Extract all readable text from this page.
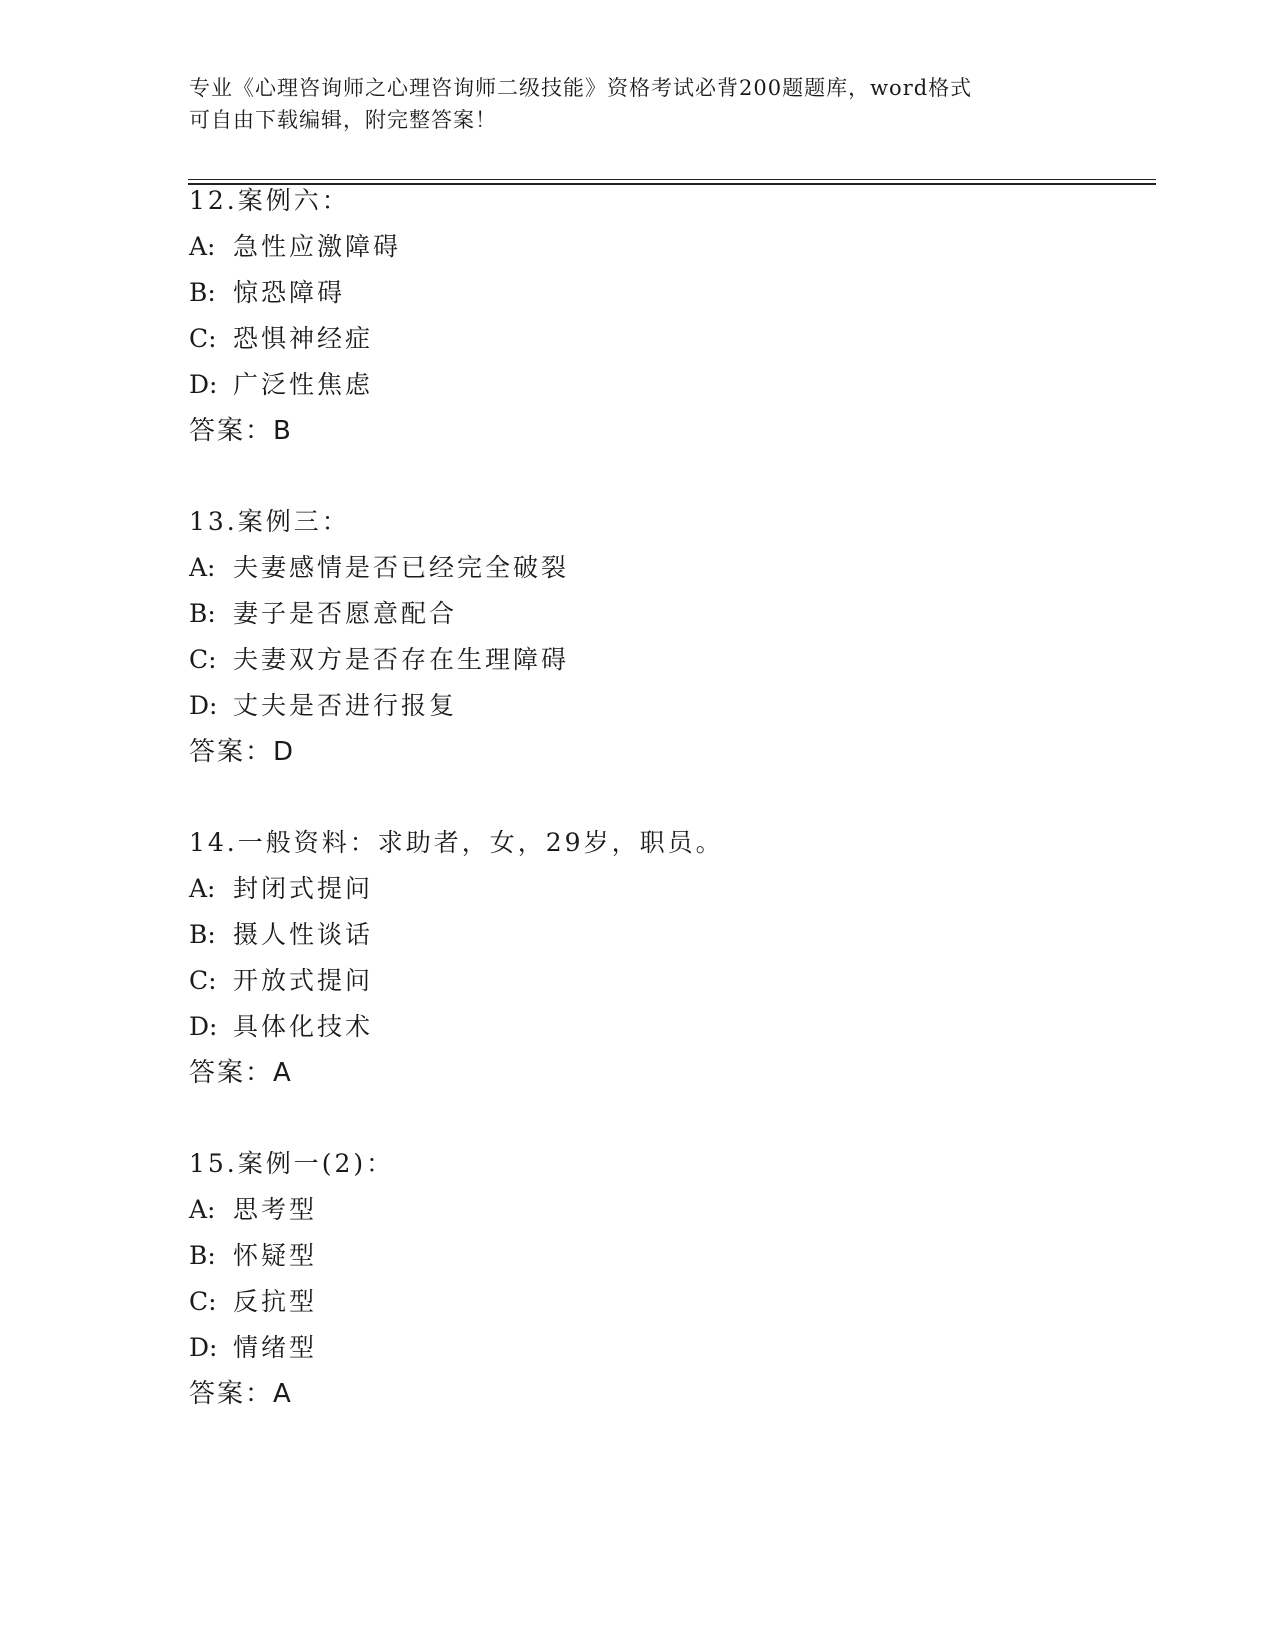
专业《心理咨询师之心理咨询师二级技能》资格考试必背200题题库，word格式
可自由下载编辑，附完整答案！
12.案例六：
A: 急性应激障碍
B: 惊恐障碍
C: 恐惧神经症
D: 广泛性焦虑
答案：B
13.案例三：
A: 夫妻感情是否已经完全破裂
B: 妻子是否愿意配合
C: 夫妻双方是否存在生理障碍
D: 丈夫是否进行报复
答案：D
14.一般资料：求助者，女，29岁，职员。
A: 封闭式提问
B: 摄人性谈话
C: 开放式提问
D: 具体化技术
答案：A
15.案例一(2)：
A: 思考型
B: 怀疑型
C: 反抗型
D: 情绪型
答案：A
